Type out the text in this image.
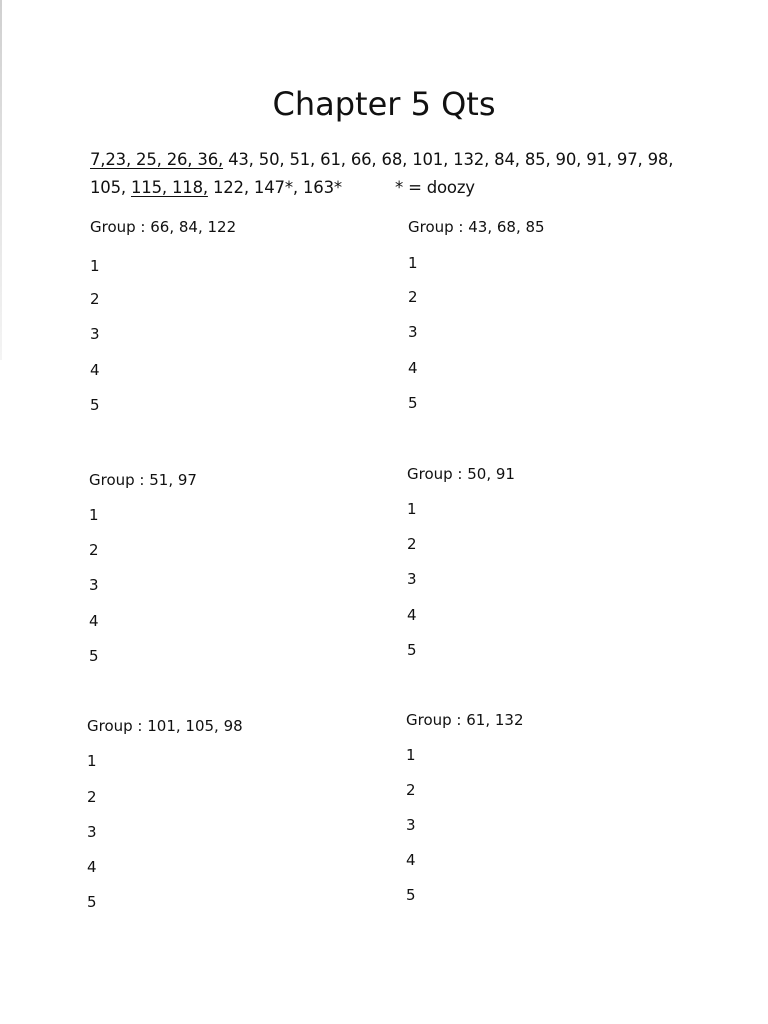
Chapter 5 Qts
7,23, 25, 26, 36, 43, 50, 51, 61, 66, 68, 101, 132, 84, 85, 90, 91, 97, 98,
105, 115, 118, 122, 147*, 163*	* = doozy
Group : 66, 84, 122
1
2
3
4
5
Group : 43, 68, 85
1
2
3
4
5
Group : 51, 97
1
2
3
4
5
Group : 50, 91
1
2
3
4
5
Group : 101, 105, 98
1
2
3
4
5
Group : 61, 132
1
2
3
4
5
